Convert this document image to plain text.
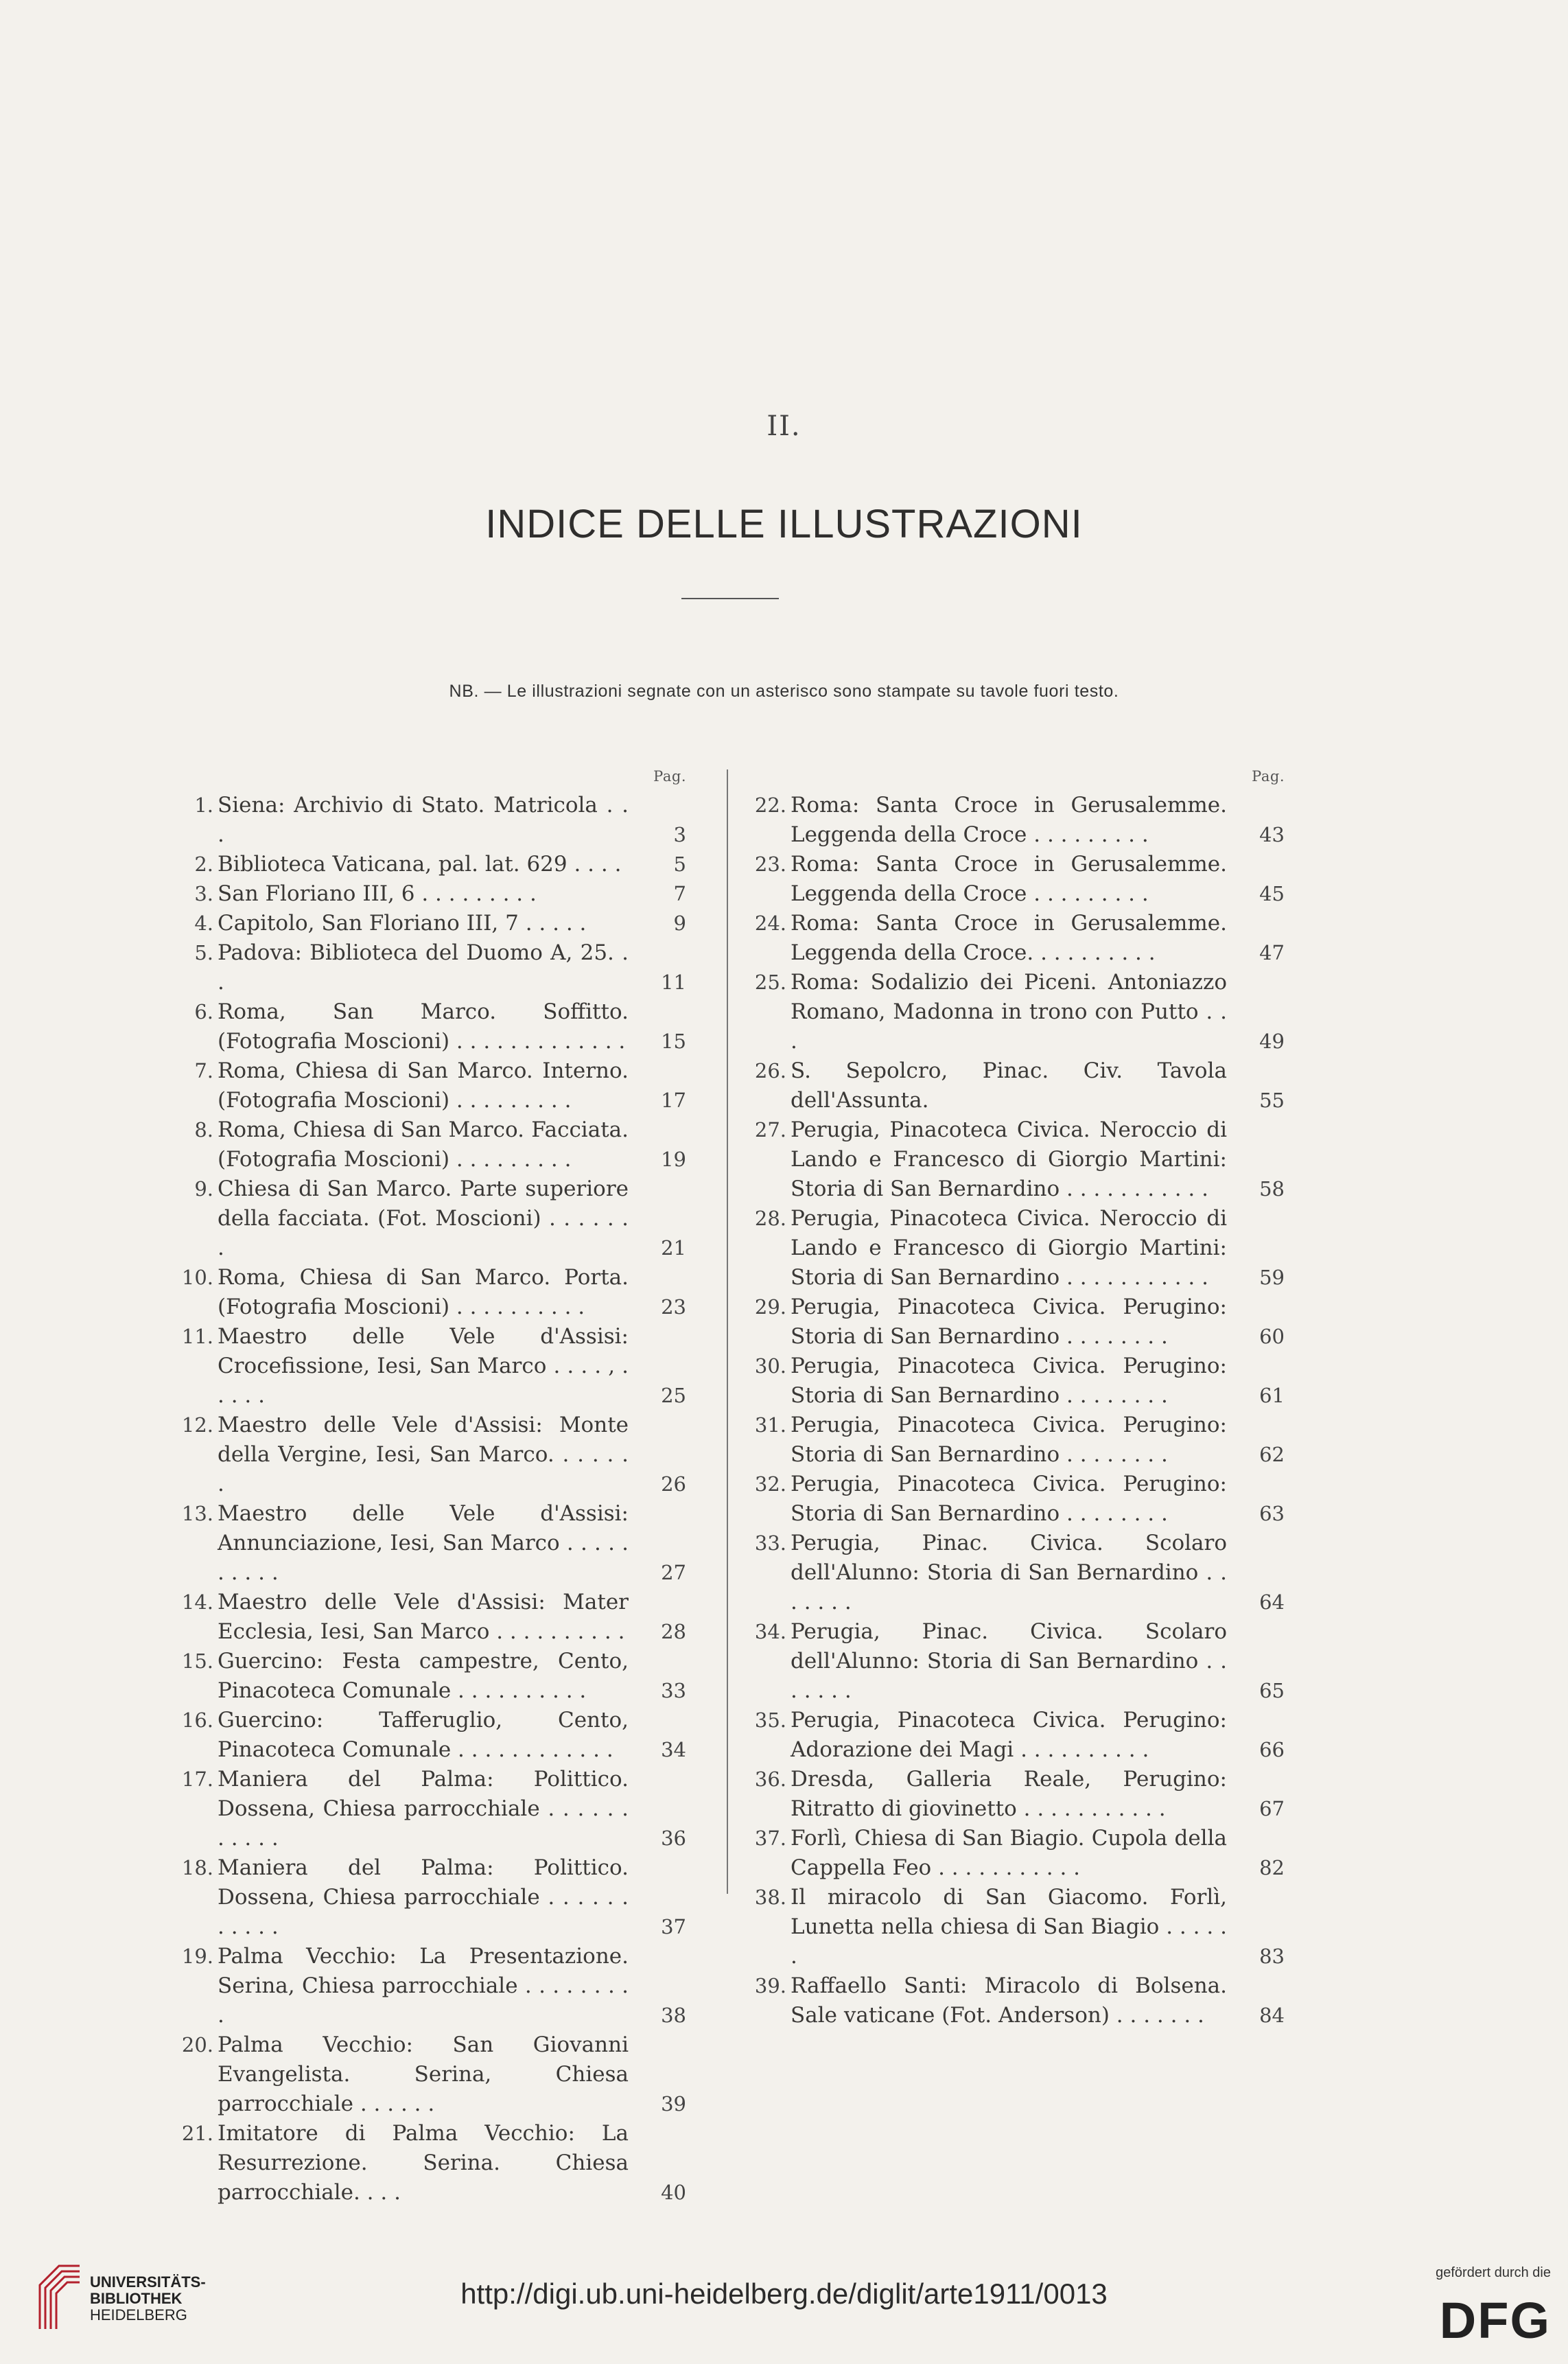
II.
INDICE DELLE ILLUSTRAZIONI
NB. — Le illustrazioni segnate con un asterisco sono stampate su tavole fuori testo.
Pag.
1. Siena: Archivio di Stato. Matricola . . .	3
2. Biblioteca Vaticana, pal. lat. 629 . . . .	5
3. San Floriano III, 6 . . . . . . . . .	7
4. Capitolo, San Floriano III, 7 . . . . .	9
5. Padova: Biblioteca del Duomo A, 25. . .	11
6. Roma, San Marco. Soffitto. (Fotografia Moscioni) . . . . . . . . . . . . .	15
7. Roma, Chiesa di San Marco. Interno. (Fotografia Moscioni) . . . . . . . . .	17
8. Roma, Chiesa di San Marco. Facciata. (Fotografia Moscioni) . . . . . . . . .	19
9. Chiesa di San Marco. Parte superiore della facciata. (Fot. Moscioni) . . . . . . .	21
10. Roma, Chiesa di San Marco. Porta. (Fotografia Moscioni) . . . . . . . . . .	23
11. Maestro delle Vele d'Assisi: Crocefissione, Iesi, San Marco . . . . , . . . . .	25
12. Maestro delle Vele d'Assisi: Monte della Vergine, Iesi, San Marco. . . . . . .	26
13. Maestro delle Vele d'Assisi: Annunciazione, Iesi, San Marco . . . . . . . . . .	27
14. Maestro delle Vele d'Assisi: Mater Ecclesia, Iesi, San Marco . . . . . . . . . .	28
15. Guercino: Festa campestre, Cento, Pinacoteca Comunale . . . . . . . . . .	33
16. Guercino: Tafferuglio, Cento, Pinacoteca Comunale . . . . . . . . . . . .	34
17. Maniera del Palma: Polittico. Dossena, Chiesa parrocchiale . . . . . . . . . . .	36
18. Maniera del Palma: Polittico. Dossena, Chiesa parrocchiale . . . . . . . . . . .	37
19. Palma Vecchio: La Presentazione. Serina, Chiesa parrocchiale . . . . . . . . .	38
20. Palma Vecchio: San Giovanni Evangelista. Serina, Chiesa parrocchiale . . . . . .	39
21. Imitatore di Palma Vecchio: La Resurrezione. Serina. Chiesa parrocchiale. . . .	40
Pag.
22. Roma: Santa Croce in Gerusalemme. Leggenda della Croce . . . . . . . . .	43
23. Roma: Santa Croce in Gerusalemme. Leggenda della Croce . . . . . . . . .	45
24. Roma: Santa Croce in Gerusalemme. Leggenda della Croce. . . . . . . . . .	47
25. Roma: Sodalizio dei Piceni. Antoniazzo Romano, Madonna in trono con Putto . . .	49
26. S. Sepolcro, Pinac. Civ. Tavola dell'Assunta.	55
27. Perugia, Pinacoteca Civica. Neroccio di Lando e Francesco di Giorgio Martini: Storia di San Bernardino . . . . . . . . . . .	58
28. Perugia, Pinacoteca Civica. Neroccio di Lando e Francesco di Giorgio Martini: Storia di San Bernardino . . . . . . . . . . .	59
29. Perugia, Pinacoteca Civica. Perugino: Storia di San Bernardino . . . . . . . .	60
30. Perugia, Pinacoteca Civica. Perugino: Storia di San Bernardino . . . . . . . .	61
31. Perugia, Pinacoteca Civica. Perugino: Storia di San Bernardino . . . . . . . .	62
32. Perugia, Pinacoteca Civica. Perugino: Storia di San Bernardino . . . . . . . .	63
33. Perugia, Pinac. Civica. Scolaro dell'Alunno: Storia di San Bernardino . . . . . . .	64
34. Perugia, Pinac. Civica. Scolaro dell'Alunno: Storia di San Bernardino . . . . . . .	65
35. Perugia, Pinacoteca Civica. Perugino: Adorazione dei Magi . . . . . . . . . .	66
36. Dresda, Galleria Reale, Perugino: Ritratto di giovinetto . . . . . . . . . . .	67
37. Forlì, Chiesa di San Biagio. Cupola della Cappella Feo . . . . . . . . . . .	82
38. Il miracolo di San Giacomo. Forlì, Lunetta nella chiesa di San Biagio . . . . . .	83
39. Raffaello Santi: Miracolo di Bolsena. Sale vaticane (Fot. Anderson) . . . . . . .	84
UNIVERSITÄTS-
BIBLIOTHEK
HEIDELBERG
http://digi.ub.uni-heidelberg.de/diglit/arte1911/0013
gefördert durch die
DFG
